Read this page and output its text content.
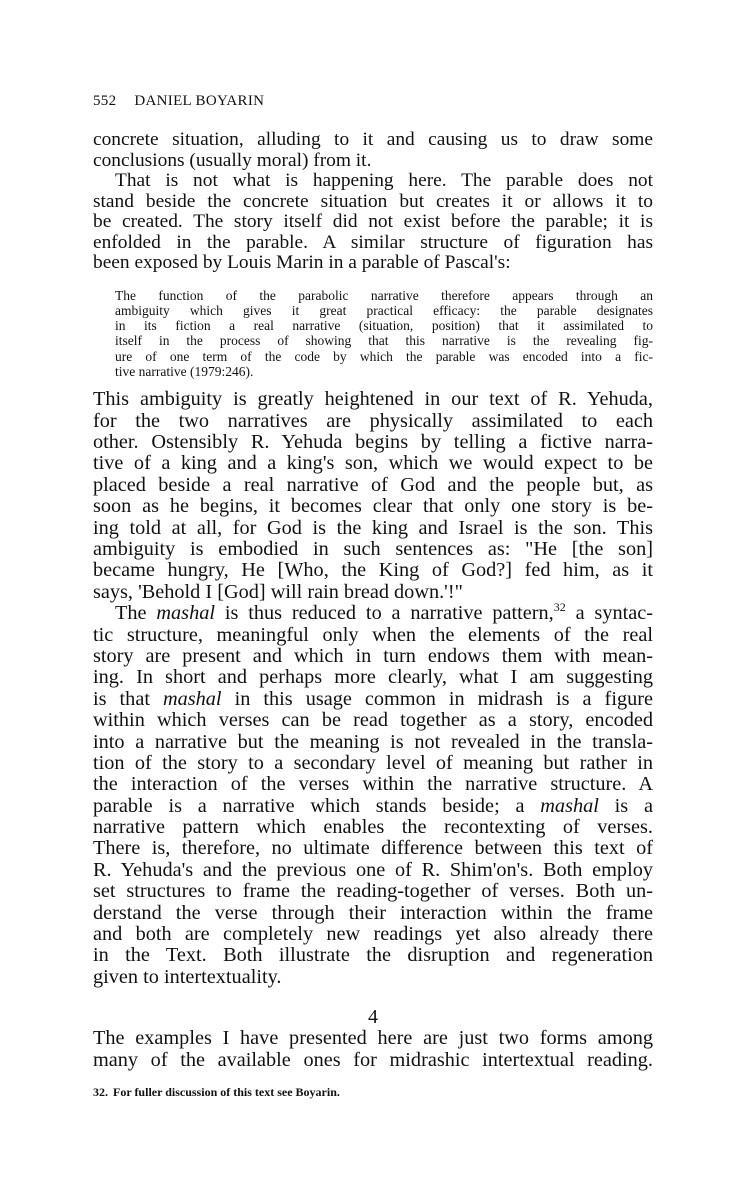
552 DANIEL BOYARIN
concrete situation, alluding to it and causing us to draw some
conclusions (usually moral) from it.
That is not what is happening here. The parable does not
stand beside the concrete situation but creates it or allows it to
be created. The story itself did not exist before the parable; it is
enfolded in the parable. A similar structure of figuration has
been exposed by Louis Marin in a parable of Pascal's:
The function of the parabolic narrative therefore appears through an
ambiguity which gives it great practical efficacy: the parable designates
in its fiction a real narrative (situation, position) that it assimilated to
itself in the process of showing that this narrative is the revealing fig-
ure of one term of the code by which the parable was encoded into a fic-
tive narrative (1979:246).
This ambiguity is greatly heightened in our text of R. Yehuda,
for the two narratives are physically assimilated to each
other. Ostensibly R. Yehuda begins by telling a fictive narra-
tive of a king and a king's son, which we would expect to be
placed beside a real narrative of God and the people but, as
soon as he begins, it becomes clear that only one story is be-
ing told at all, for God is the king and Israel is the son. This
ambiguity is embodied in such sentences as: "He [the son]
became hungry, He [Who, the King of God?] fed him, as it
says, 'Behold I [God] will rain bread down.'!"
The mashal is thus reduced to a narrative pattern,$^{32}$ a syntac-
tic structure, meaningful only when the elements of the real
story are present and which in turn endows them with mean-
ing. In short and perhaps more clearly, what I am suggesting
is that mashal in this usage common in midrash is a figure
within which verses can be read together as a story, encoded
into a narrative but the meaning is not revealed in the transla-
tion of the story to a secondary level of meaning but rather in
the interaction of the verses within the narrative structure. A
parable is a narrative which stands beside; a mashal is a
narrative pattern which enables the recontexting of verses.
There is, therefore, no ultimate difference between this text of
R. Yehuda's and the previous one of R. Shim'on's. Both employ
set structures to frame the reading-together of verses. Both un-
derstand the verse through their interaction within the frame
and both are completely new readings yet also already there
in the Text. Both illustrate the disruption and regeneration
given to intertextuality.
4
The examples I have presented here are just two forms among
many of the available ones for midrashic intertextual reading.
32. For fuller discussion of this text see Boyarin.
